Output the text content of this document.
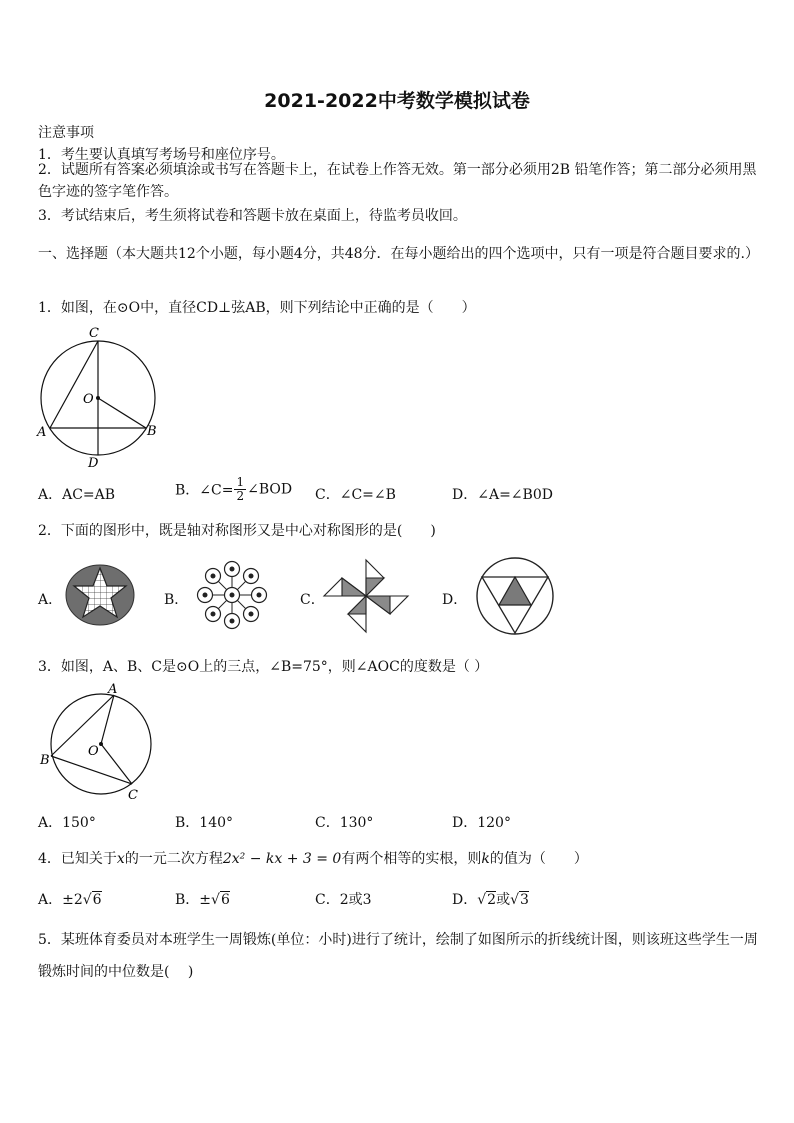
2021-2022中考数学模拟试卷
注意事项
1．考生要认真填写考场号和座位序号。
2．试题所有答案必须填涂或书写在答题卡上，在试卷上作答无效。第一部分必须用2B 铅笔作答；第二部分必须用黑色字迹的签字笔作答。
3．考试结束后，考生须将试卷和答题卡放在桌面上，待监考员收回。
一、选择题（本大题共12个小题，每小题4分，共48分．在每小题给出的四个选项中，只有一项是符合题目要求的.）
1．如图，在⊙O中，直径CD⊥弦AB，则下列结论中正确的是（　　）
C
O
A	B
D
A．AC=AB	B．∠C= $\frac{1}{2}$ ∠BOD C．∠C=∠B	D．∠A=∠B0D
2．下面的图形中，既是轴对称图形又是中心对称图形的是(　　)
A．	B．	C．	D．
3．如图，A、B、C是⊙O上的三点，∠B=75°，则∠AOC的度数是（ ）
A
O
B
C
A．150°	B．140°	C．130°	D．120°
4．已知关于x的一元二次方程2x² − kx + 3 = 0有两个相等的实根，则k的值为（　　）
A．±2√6	B．±√6	C．2或3	D．√2或√3
5．某班体育委员对本班学生一周锻炼(单位：小时)进行了统计，绘制了如图所示的折线统计图，则该班这些学生一周锻炼时间的中位数是(　 )
